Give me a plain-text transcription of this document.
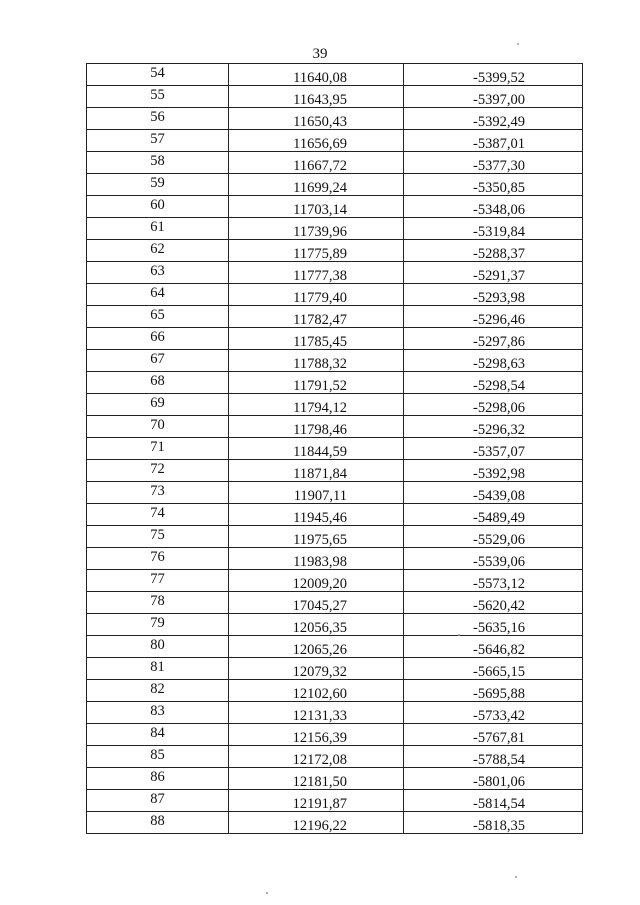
39
54	11640,08	-5399,52
55	11643,95	-5397,00
56	11650,43	-5392,49
57	11656,69	-5387,01
58	11667,72	-5377,30
59	11699,24	-5350,85
60	11703,14	-5348,06
61	11739,96	-5319,84
62	11775,89	-5288,37
63	11777,38	-5291,37
64	11779,40	-5293,98
65	11782,47	-5296,46
66	11785,45	-5297,86
67	11788,32	-5298,63
68	11791,52	-5298,54
69	11794,12	-5298,06
70	11798,46	-5296,32
71	11844,59	-5357,07
72	11871,84	-5392,98
73	11907,11	-5439,08
74	11945,46	-5489,49
75	11975,65	-5529,06
76	11983,98	-5539,06
77	12009,20	-5573,12
78	17045,27	-5620,42
79	12056,35	-5635,16
80	12065,26	-5646,82
81	12079,32	-5665,15
82	12102,60	-5695,88
83	12131,33	-5733,42
84	12156,39	-5767,81
85	12172,08	-5788,54
86	12181,50	-5801,06
87	12191,87	-5814,54
88	12196,22	-5818,35
